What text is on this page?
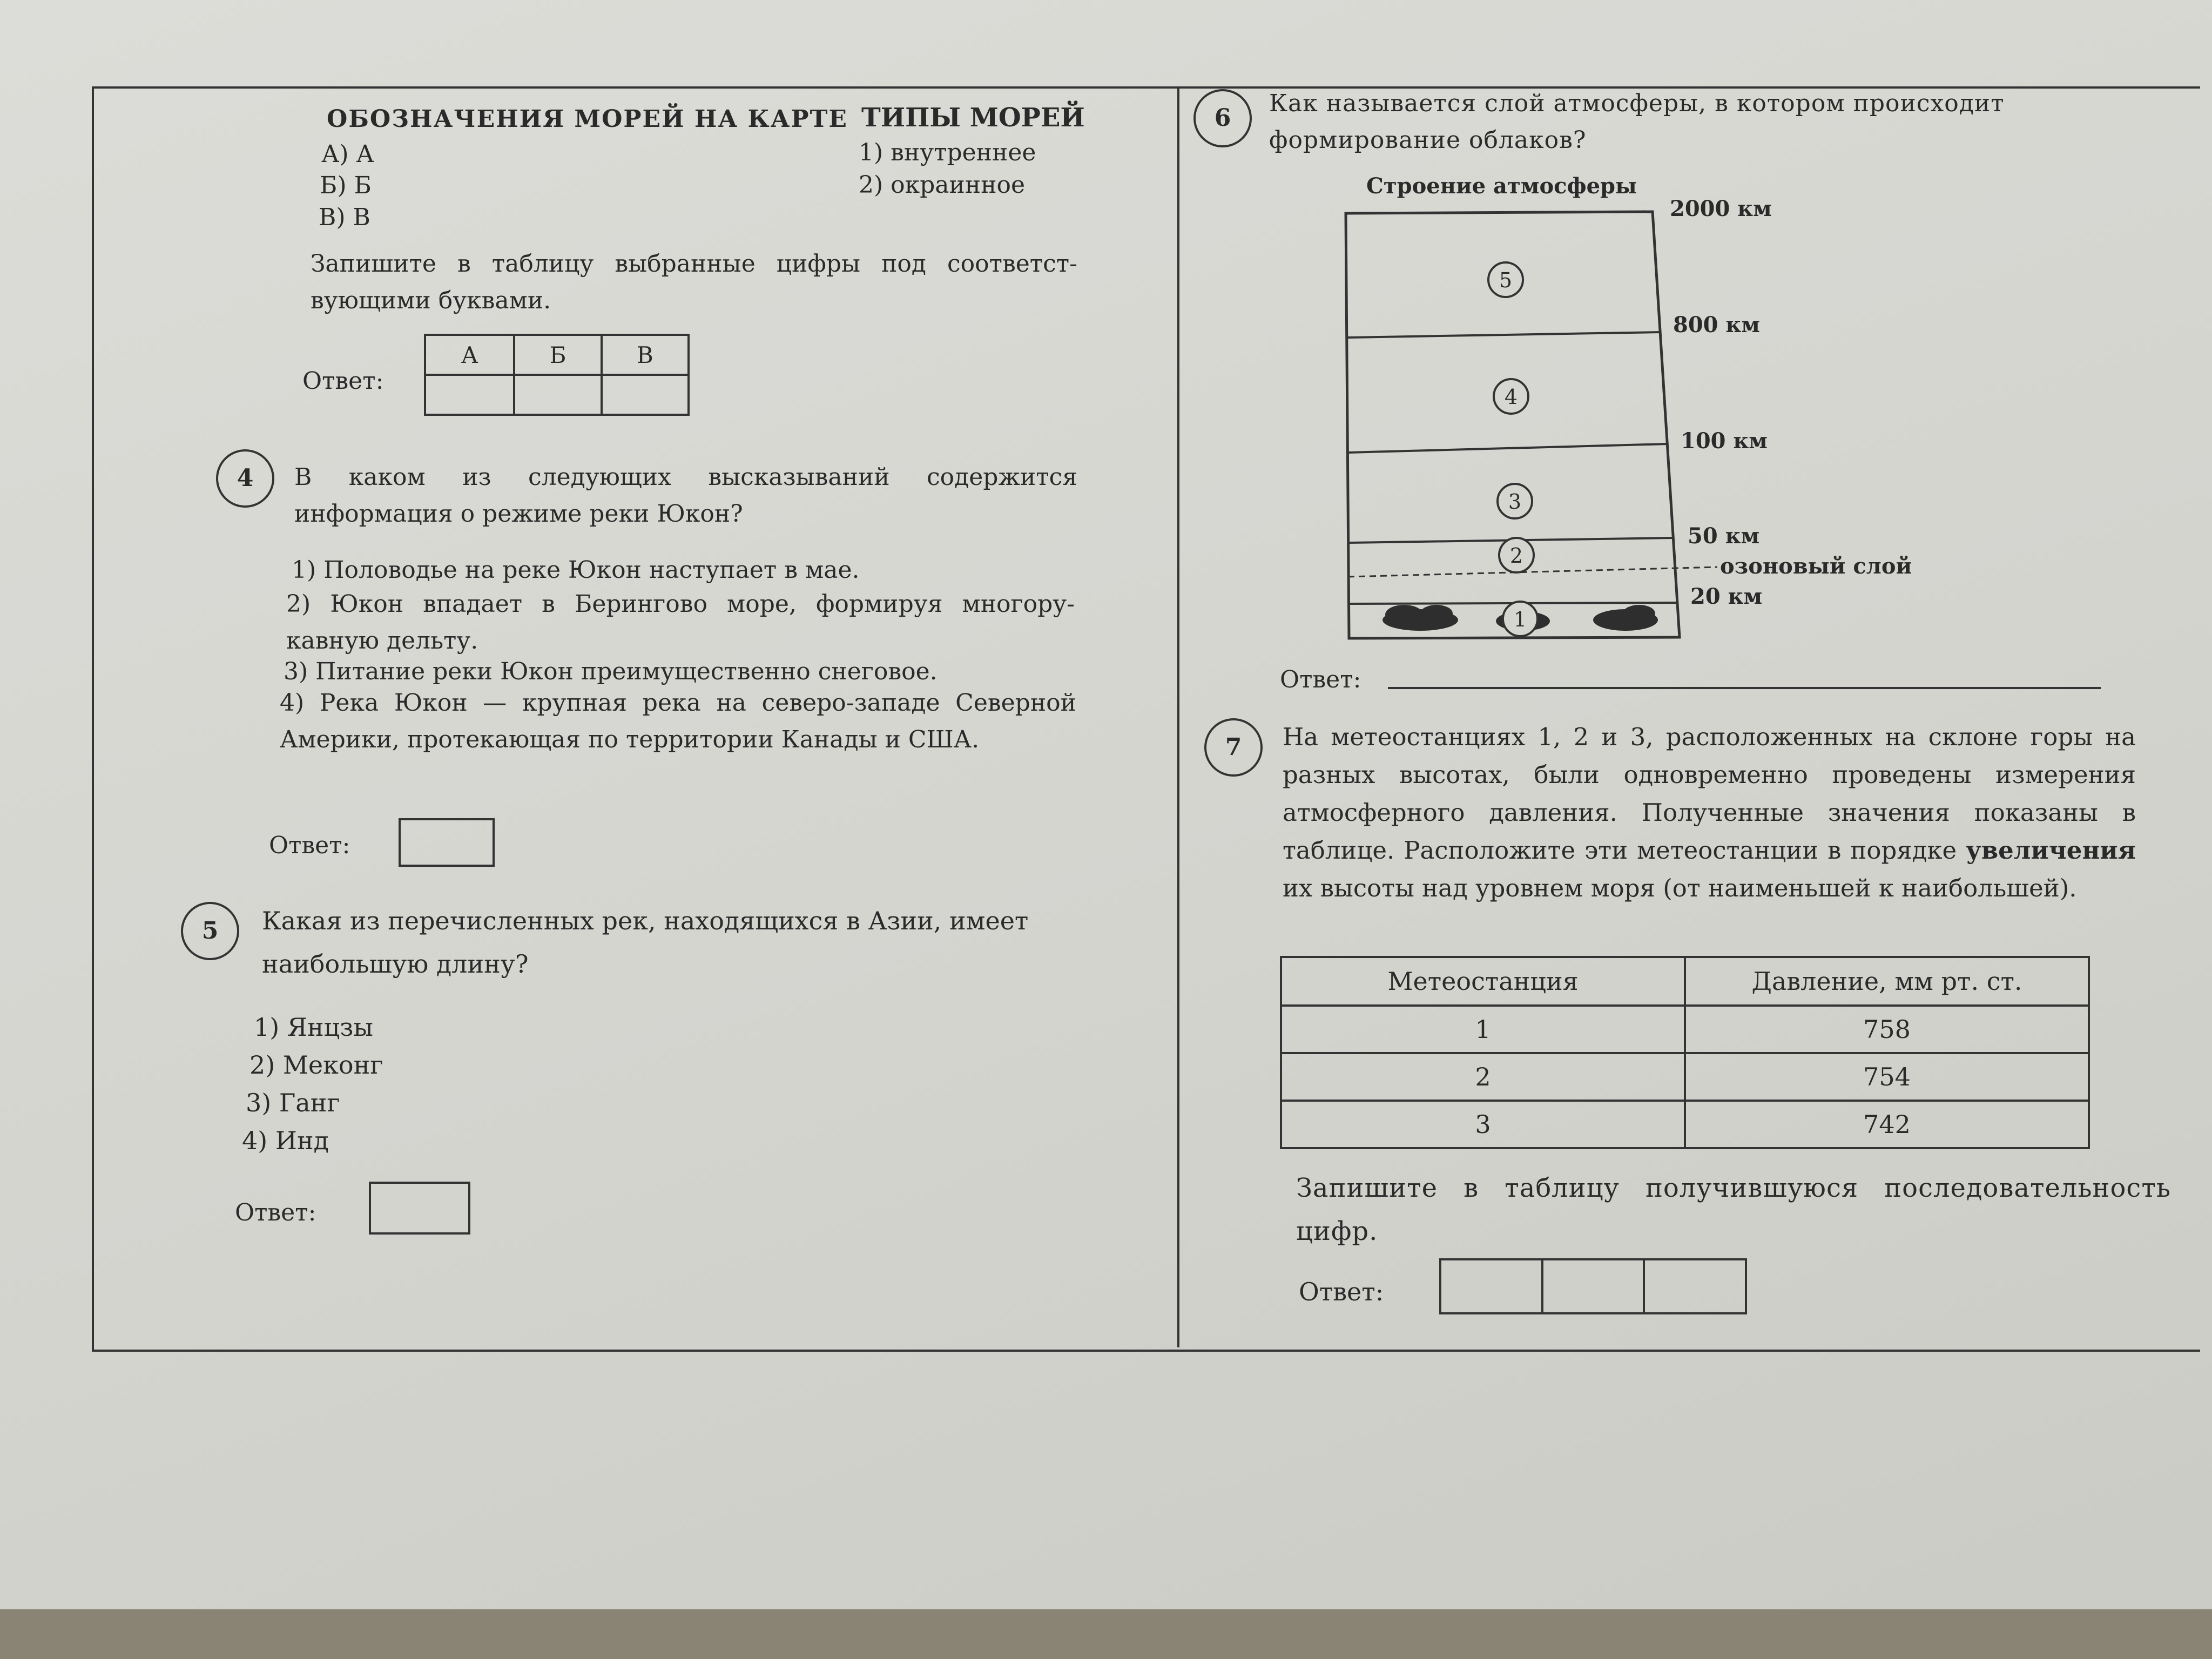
ОБОЗНАЧЕНИЯ МОРЕЙ НА КАРТЕ ТИПЫ МОРЕЙ
А) А
Б) Б
В) В
1) внутреннее
2) окраинное
Запишите в таблицу выбранные цифры под соответст- вующими буквами.
Ответ:
А	Б	В

4	В каком из следующих высказываний содержится информация о режиме реки Юкон?
1) Половодье на реке Юкон наступает в мае.
2) Юкон впадает в Берингово море, формируя многору- кавную дельту.
3) Питание реки Юкон преимущественно снеговое.
4) Река Юкон — крупная река на северо-западе Северной Америки, протекающая по территории Канады и США.
Ответ:
5	Какая из перечисленных рек, находящихся в Азии, имеет наибольшую длину?
1) Янцзы
2) Меконг
3) Ганг
4) Инд
Ответ:
6
Как называется слой атмосферы, в котором происходит формирование облаков?
Строение атмосферы
5
4
3
2
1
2000 км
800 км
100 км
50 км
озоновый слой
20 км
Ответ:
7	На метеостанциях 1, 2 и 3, расположенных на склоне горы на разных высотах, были одновременно проведены измерения атмосферного давления. Полученные значения показаны в таблице. Расположите эти метеостанции в порядке увеличения их высоты над уровнем моря (от наименьшей к наибольшей).
Метеостанция	Давление, мм рт. ст.
1	758
2	754
3	742
Запишите в таблицу получившуюся последовательность цифр.
Ответ:
